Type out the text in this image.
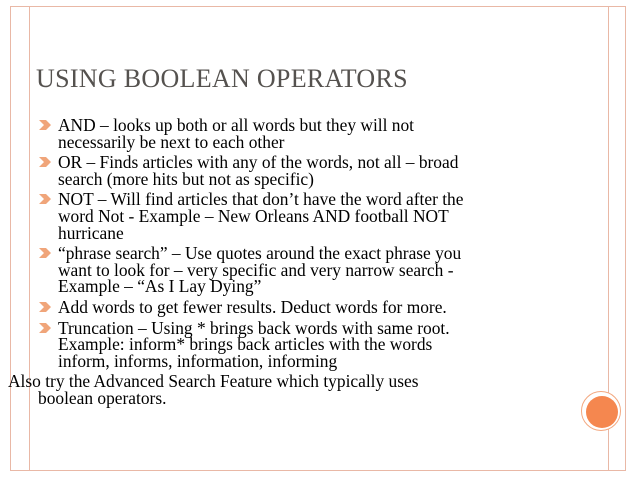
USING BOOLEAN OPERATORS
AND – looks up both or all words but they will not
necessarily be next to each other
OR – Finds articles with any of the words, not all – broad
search (more hits but not as specific)
NOT – Will find articles that don’t have the word after the
word Not - Example – New Orleans AND football NOT
hurricane
“phrase search” – Use quotes around the exact phrase you
want to look for – very specific and very narrow search -
Example – “As I Lay Dying”
Add words to get fewer results. Deduct words for more.
Truncation – Using * brings back words with same root.
Example: inform* brings back articles with the words
inform, informs, information, informing
Also try the Advanced Search Feature which typically uses
boolean operators.
